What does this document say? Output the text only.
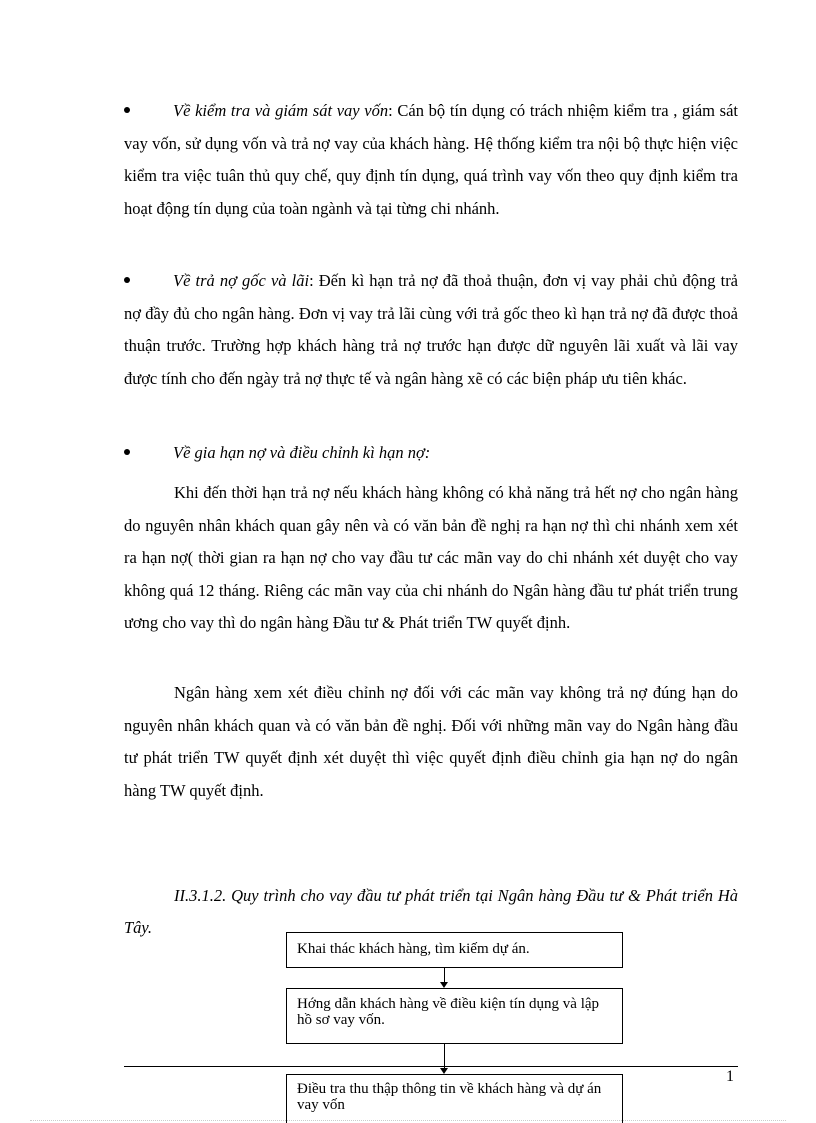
Về kiểm tra và giám sát vay vốn: Cán bộ tín dụng có trách nhiệm kiểm tra , giám sát vay vốn, sử dụng vốn và trả nợ vay của khách hàng. Hệ thống kiểm tra nội bộ thực hiện việc kiểm tra việc tuân thủ quy chế, quy định tín dụng, quá trình vay vốn theo quy định kiểm tra hoạt động tín dụng của toàn ngành và tại từng chi nhánh.

Về trả nợ gốc và lãi: Đến kì hạn trả nợ đã thoả thuận, đơn vị vay phải chủ động trả nợ đầy đủ cho ngân hàng. Đơn vị vay trả lãi cùng với trả gốc theo kì hạn trả nợ đã được thoả thuận trước. Trường hợp khách hàng trả nợ trước hạn được dữ nguyên lãi xuất và lãi vay được tính cho đến ngày trả nợ thực tế và ngân hàng xẽ có các biện pháp ưu tiên khác.

Về gia hạn nợ và điều chỉnh kì hạn nợ:

Khi đến thời hạn trả nợ nếu khách hàng không có khả năng trả hết nợ cho ngân hàng do nguyên nhân khách quan gây nên và có văn bản đề nghị ra hạn nợ thì chi nhánh xem xét ra hạn nợ( thời gian ra hạn nợ cho vay đầu tư các mãn vay do chi nhánh xét duyệt cho vay không quá 12 tháng. Riêng các mãn vay của chi nhánh do Ngân hàng đầu tư phát triển trung ương cho vay thì do ngân hàng Đầu tư & Phát triển TW quyết định.

Ngân hàng xem xét điều chỉnh nợ đối với các mãn vay không trả nợ đúng hạn do nguyên nhân khách quan và có văn bản đề nghị. Đối với những mãn vay do Ngân hàng đầu tư phát triển TW quyết định xét duyệt thì việc quyết định điều chỉnh gia hạn nợ do ngân hàng TW quyết định.

II.3.1.2. Quy trình cho vay đầu tư phát triển tại Ngân hàng Đầu tư & Phát triển Hà Tây.

Khai thác khách hàng, tìm kiếm dự án.
Hớng dẫn khách hàng về điều kiện tín dụng và lập hồ sơ vay vốn.
1
Điều tra thu thập thông tin về khách hàng và dự án vay vốn
